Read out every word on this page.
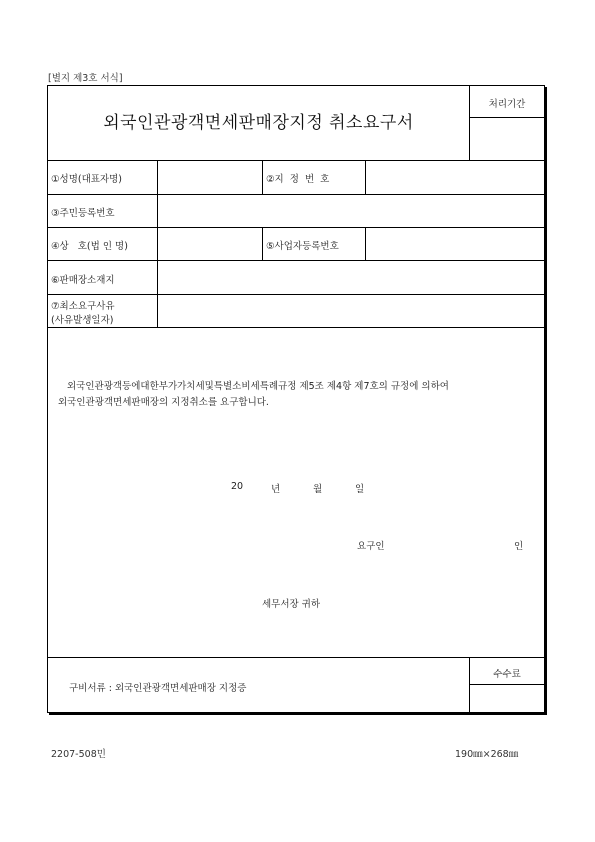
[별지 제3호 서식]
외국인관광객면세판매장지정 취소요구서
처리기간
①성명(대표자명)	②지  정  번  호
③주민등록번호
④상   호(법 인 명)	⑤사업자등록번호
⑥판매장소재지
⑦최소요구사유
(사유발생일자)
외국인관광객등에대한부가가치세및특별소비세특례규정 제5조 제4항 제7호의 규정에 의하여
외국인관광객면세판매장의 지정취소를 요구합니다.
20	년	월	일
요구인	인
세무서장 귀하
구비서류 : 외국인관광객면세판매장 지정증
수수료
2207-508민	190㎜×268㎜
